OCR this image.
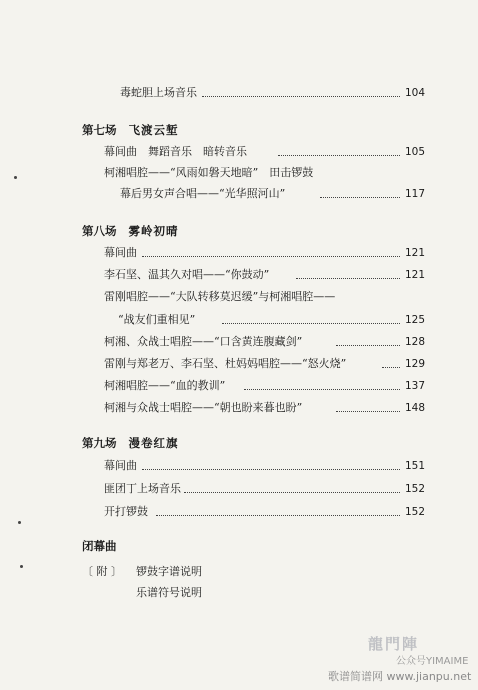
毒蛇胆上场音乐	104
第七场 飞渡云堑
幕间曲　舞蹈音乐　暗转音乐	105
柯湘唱腔——“风雨如磐天地暗”　田击锣鼓
幕后男女声合唱——“光华照河山”	117
第八场 雾岭初晴
幕间曲	121
李石坚、温其久对唱——“你鼓动”	121
雷刚唱腔——“大队转移莫迟缓”与柯湘唱腔——
“战友们重相见”	125
柯湘、众战士唱腔——“口含黄连腹藏剑”	128
雷刚与郑老万、李石坚、杜妈妈唱腔——“怒火烧”	129
柯湘唱腔——“血的教训”	137
柯湘与众战士唱腔——“朝也盼来暮也盼”	148
第九场 漫卷红旗
幕间曲	151
匪团丁上场音乐	152
开打锣鼓	152
闭幕曲
〔 附 〕 锣鼓字谱说明
乐谱符号说明
龍門陣
公众号YIMAIME
歌谱简谱网 www.jianpu.net
